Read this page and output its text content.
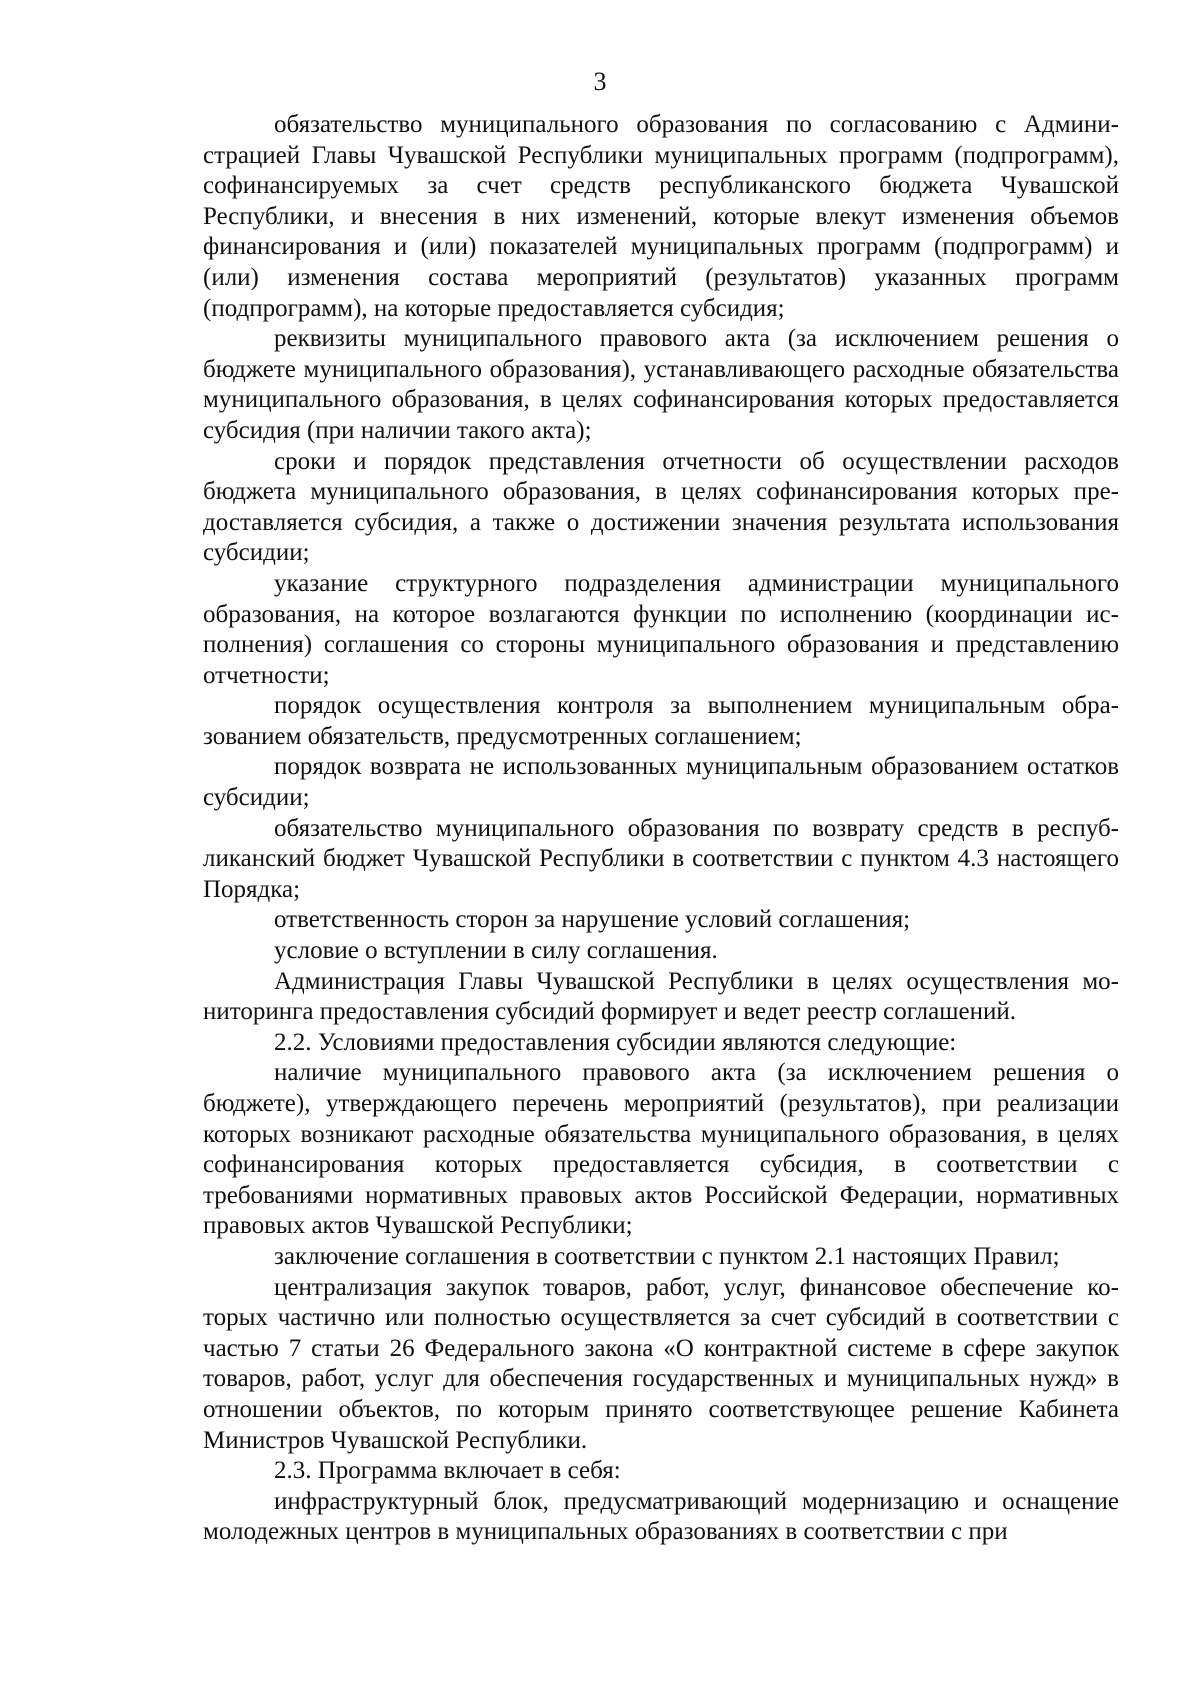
3

обязательство муниципального образования по согласованию с Администрацией Главы Чувашской Республики муниципальных программ (подпрограмм), софинансируемых за счет средств республиканского бюджета Чувашской Республики, и внесения в них изменений, которые влекут изменения объемов финансирования и (или) показателей муниципальных программ (подпрограмм) и (или) изменения состава мероприятий (результатов) указанных программ (подпрограмм), на которые предоставляется субсидия;

реквизиты муниципального правового акта (за исключением решения о бюджете муниципального образования), устанавливающего расходные обязательства муниципального образования, в целях софинансирования которых предоставляется субсидия (при наличии такого акта);

сроки и порядок представления отчетности об осуществлении расходов бюджета муниципального образования, в целях софинансирования которых предоставляется субсидия, а также о достижении значения результата использования субсидии;

указание структурного подразделения администрации муниципального образования, на которое возлагаются функции по исполнению (координации исполнения) соглашения со стороны муниципального образования и представлению отчетности;

порядок осуществления контроля за выполнением муниципальным образованием обязательств, предусмотренных соглашением;

порядок возврата не использованных муниципальным образованием остатков субсидии;

обязательство муниципального образования по возврату средств в республиканский бюджет Чувашской Республики в соответствии с пунктом 4.3 настоящего Порядка;

ответственность сторон за нарушение условий соглашения;

условие о вступлении в силу соглашения.

Администрация Главы Чувашской Республики в целях осуществления мониторинга предоставления субсидий формирует и ведет реестр соглашений.

2.2. Условиями предоставления субсидии являются следующие:

наличие муниципального правового акта (за исключением решения о бюджете), утверждающего перечень мероприятий (результатов), при реализации которых возникают расходные обязательства муниципального образования, в целях софинансирования которых предоставляется субсидия, в соответствии с требованиями нормативных правовых актов Российской Федерации, нормативных правовых актов Чувашской Республики;

заключение соглашения в соответствии с пунктом 2.1 настоящих Правил;

централизация закупок товаров, работ, услуг, финансовое обеспечение которых частично или полностью осуществляется за счет субсидий в соответствии с частью 7 статьи 26 Федерального закона «О контрактной системе в сфере закупок товаров, работ, услуг для обеспечения государственных и муниципальных нужд» в отношении объектов, по которым принято соответствующее решение Кабинета Министров Чувашской Республики.

2.3. Программа включает в себя:

инфраструктурный блок, предусматривающий модернизацию и оснащение молодежных центров в муниципальных образованиях в соответствии с при
